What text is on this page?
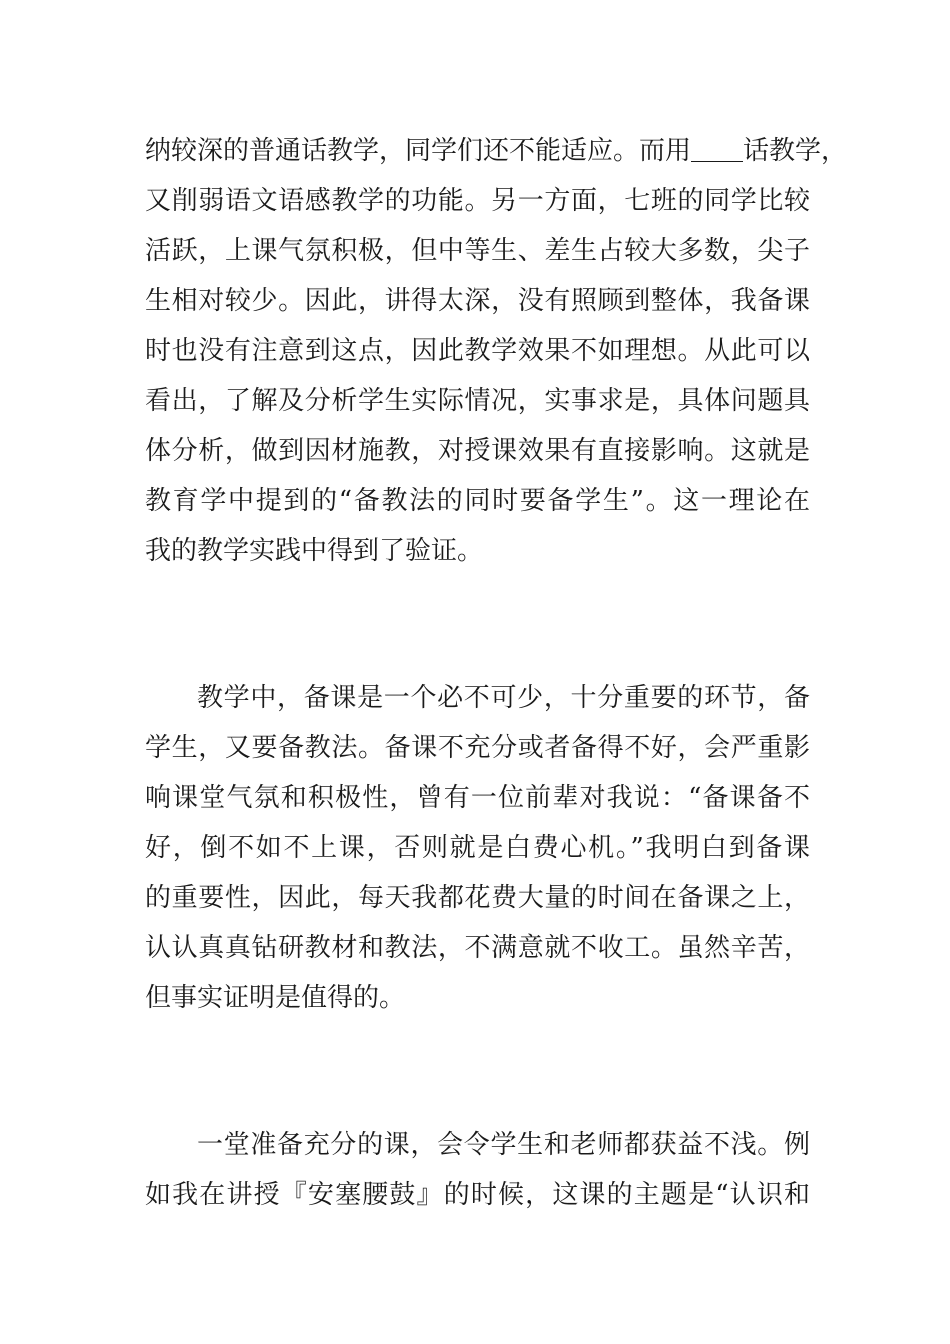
纳较深的普通话教学，同学们还不能适应。而用＿＿话教学，
又削弱语文语感教学的功能。另一方面，七班的同学比较
活跃，上课气氛积极，但中等生、差生占较大多数，尖子
生相对较少。因此，讲得太深，没有照顾到整体，我备课
时也没有注意到这点，因此教学效果不如理想。从此可以
看出，了解及分析学生实际情况，实事求是，具体问题具
体分析，做到因材施教，对授课效果有直接影响。这就是
教育学中提到的“备教法的同时要备学生”。这一理论在
我的教学实践中得到了验证。
教学中，备课是一个必不可少，十分重要的环节，备
学生，又要备教法。备课不充分或者备得不好，会严重影
响课堂气氛和积极性，曾有一位前辈对我说：“备课备不
好，倒不如不上课，否则就是白费心机。”我明白到备课
的重要性，因此，每天我都花费大量的时间在备课之上，
认认真真钻研教材和教法，不满意就不收工。虽然辛苦，
但事实证明是值得的。
一堂准备充分的课，会令学生和老师都获益不浅。例
如我在讲授『安塞腰鼓』的时候，这课的主题是“认识和
